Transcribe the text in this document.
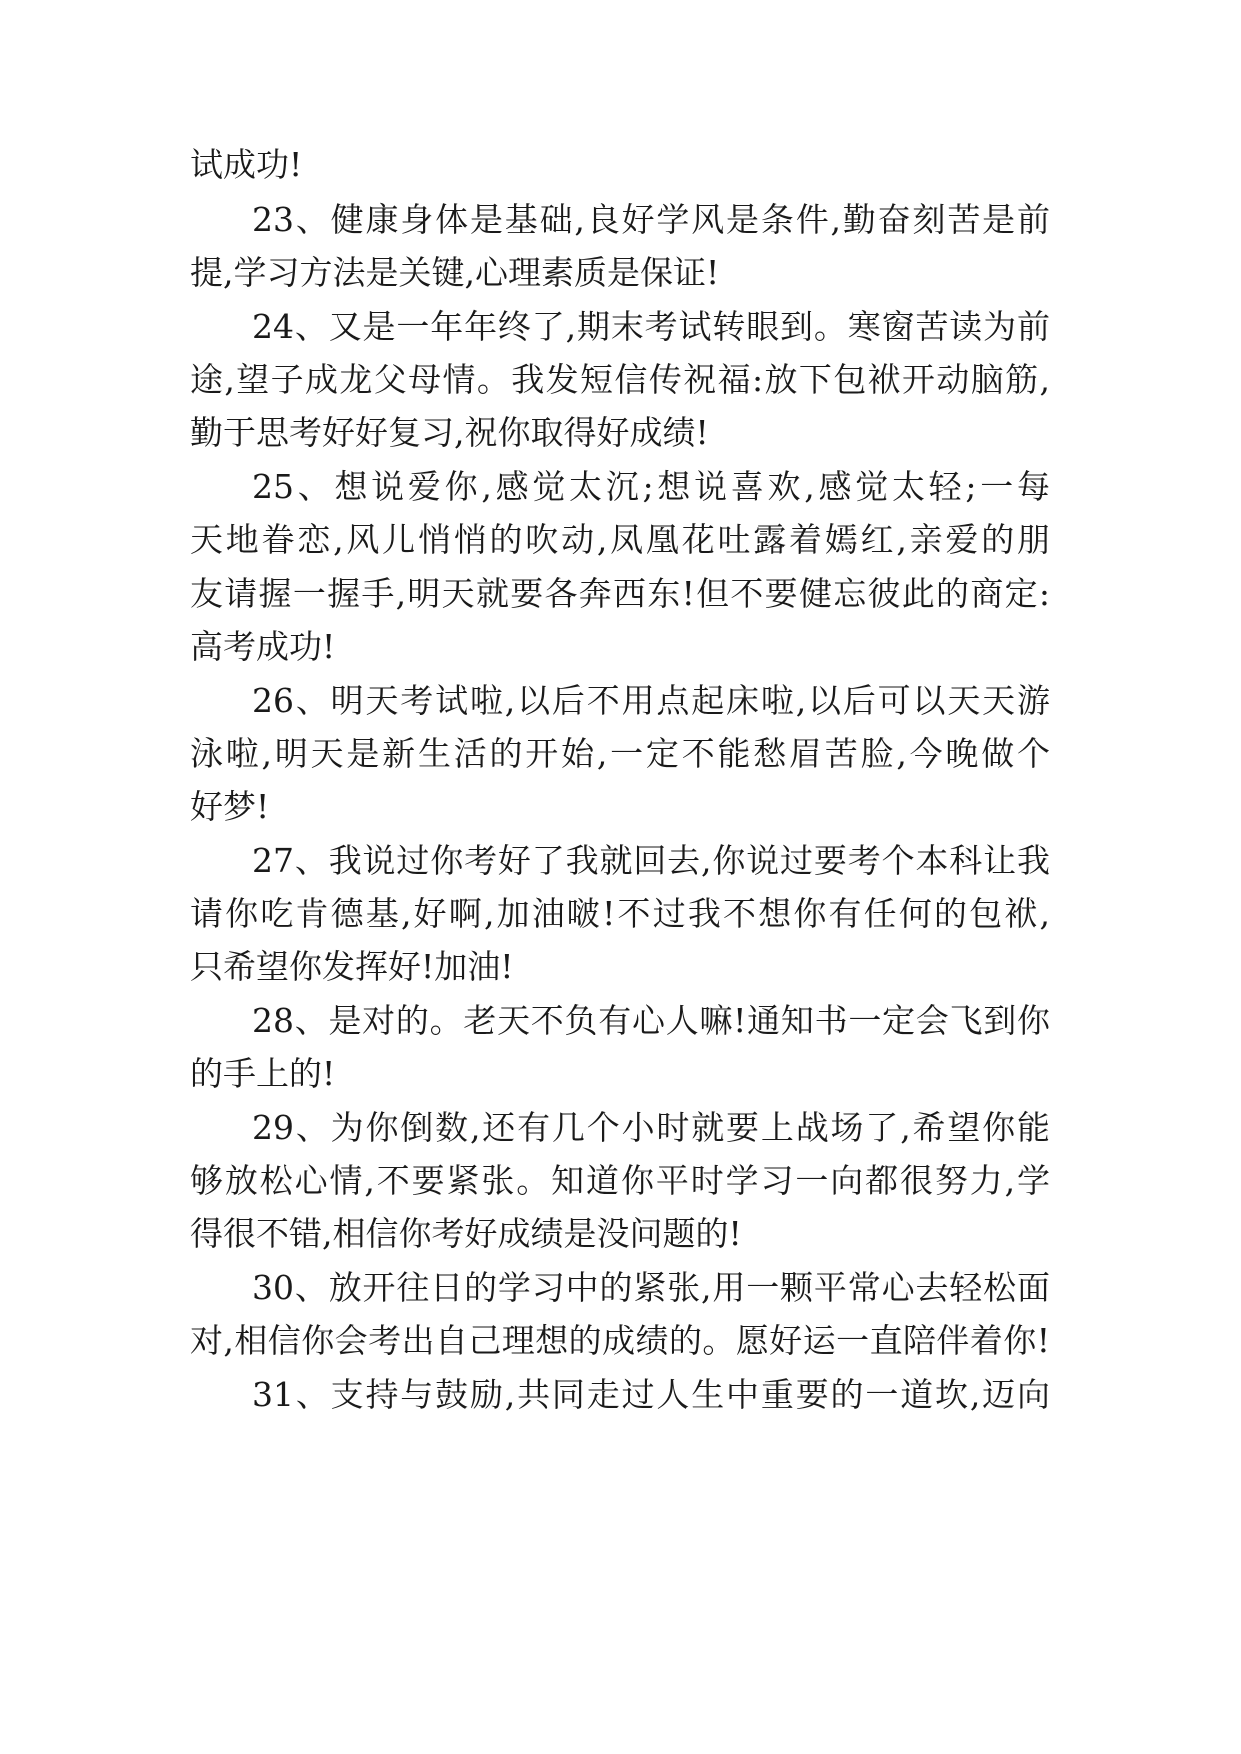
试成功!
23、健康身体是基础,良好学风是条件,勤奋刻苦是前
提,学习方法是关键,心理素质是保证!
24、又是一年年终了,期末考试转眼到。寒窗苦读为前
途,望子成龙父母情。我发短信传祝福:放下包袱开动脑筋,
勤于思考好好复习,祝你取得好成绩!
25、想说爱你,感觉太沉;想说喜欢,感觉太轻;一每
天地眷恋,风儿悄悄的吹动,凤凰花吐露着嫣红,亲爱的朋
友请握一握手,明天就要各奔西东!但不要健忘彼此的商定:
高考成功!
26、明天考试啦,以后不用点起床啦,以后可以天天游
泳啦,明天是新生活的开始,一定不能愁眉苦脸,今晚做个
好梦!
27、我说过你考好了我就回去,你说过要考个本科让我
请你吃肯德基,好啊,加油啵!不过我不想你有任何的包袱,
只希望你发挥好!加油!
28、是对的。老天不负有心人嘛!通知书一定会飞到你
的手上的!
29、为你倒数,还有几个小时就要上战场了,希望你能
够放松心情,不要紧张。知道你平时学习一向都很努力,学
得很不错,相信你考好成绩是没问题的!
30、放开往日的学习中的紧张,用一颗平常心去轻松面
对,相信你会考出自己理想的成绩的。愿好运一直陪伴着你!
31、支持与鼓励,共同走过人生中重要的一道坎,迈向
